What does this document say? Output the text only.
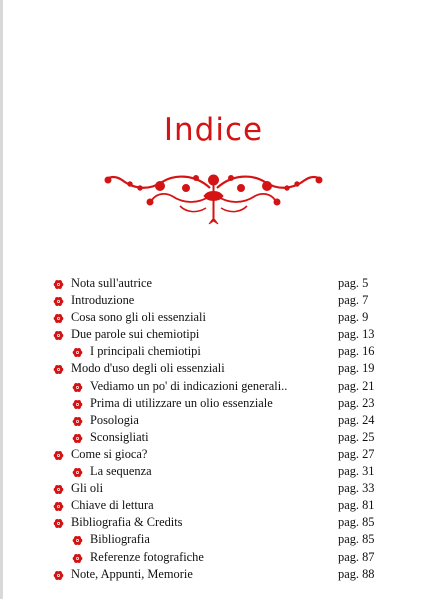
Indice
Nota sull'autrice	pag. 5
Introduzione	pag. 7
Cosa sono gli oli essenziali	pag. 9
Due parole sui chemiotipi	pag. 13
I principali chemiotipi	pag. 16
Modo d'uso degli oli essenziali	pag. 19
Vediamo un po' di indicazioni generali..	pag. 21
Prima di utilizzare un olio essenziale	pag. 23
Posologia	pag. 24
Sconsigliati	pag. 25
Come si gioca?	pag. 27
La sequenza	pag. 31
Gli oli	pag. 33
Chiave di lettura	pag. 81
Bibliografia & Credits	pag. 85
Bibliografia	pag. 85
Referenze fotografiche	pag. 87
Note, Appunti, Memorie	pag. 88
